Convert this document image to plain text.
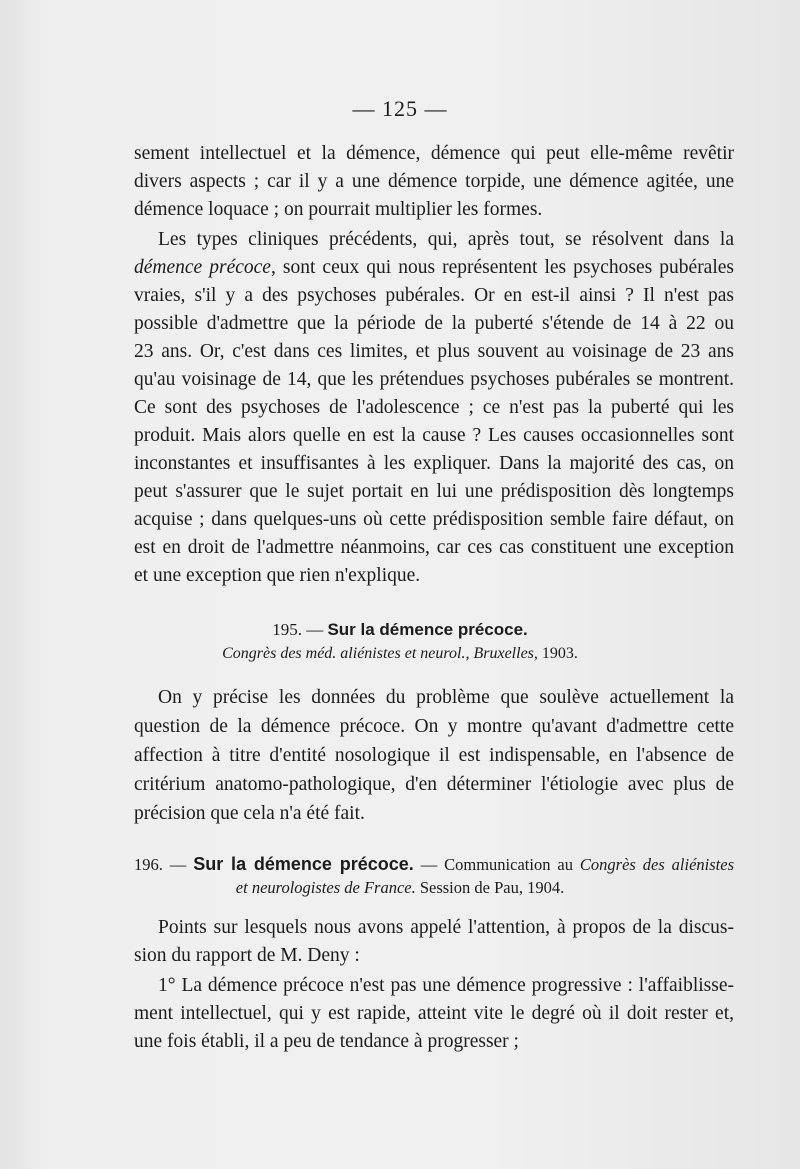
— 125 —
sement intellectuel et la démence, démence qui peut elle-même revêtir
divers aspects ; car il y a une démence torpide, une démence agitée, une
démence loquace ; on pourrait multiplier les formes.
Les types cliniques précédents, qui, après tout, se résolvent dans la
démence précoce, sont ceux qui nous représentent les psychoses pubérales
vraies, s'il y a des psychoses pubérales. Or en est-il ainsi ? Il n'est pas
possible d'admettre que la période de la puberté s'étende de 14 à 22 ou
23 ans. Or, c'est dans ces limites, et plus souvent au voisinage de 23 ans
qu'au voisinage de 14, que les prétendues psychoses pubérales se montrent.
Ce sont des psychoses de l'adolescence ; ce n'est pas la puberté qui les
produit. Mais alors quelle en est la cause ? Les causes occasionnelles sont
inconstantes et insuffisantes à les expliquer. Dans la majorité des cas, on
peut s'assurer que le sujet portait en lui une prédisposition dès longtemps
acquise ; dans quelques-uns où cette prédisposition semble faire défaut, on
est en droit de l'admettre néanmoins, car ces cas constituent une exception
et une exception que rien n'explique.
195. — Sur la démence précoce.
Congrès des méd. aliénistes et neurol., Bruxelles, 1903.
On y précise les données du problème que soulève actuellement la
question de la démence précoce. On y montre qu'avant d'admettre cette
affection à titre d'entité nosologique il est indispensable, en l'absence de
critérium anatomo-pathologique, d'en déterminer l'étiologie avec plus de
précision que cela n'a été fait.
196. — Sur la démence précoce. — Communication au Congrès des aliénistes
et neurologistes de France. Session de Pau, 1904.
Points sur lesquels nous avons appelé l'attention, à propos de la discus-
sion du rapport de M. Deny :
1° La démence précoce n'est pas une démence progressive : l'affaiblisse-
ment intellectuel, qui y est rapide, atteint vite le degré où il doit rester et,
une fois établi, il a peu de tendance à progresser ;
